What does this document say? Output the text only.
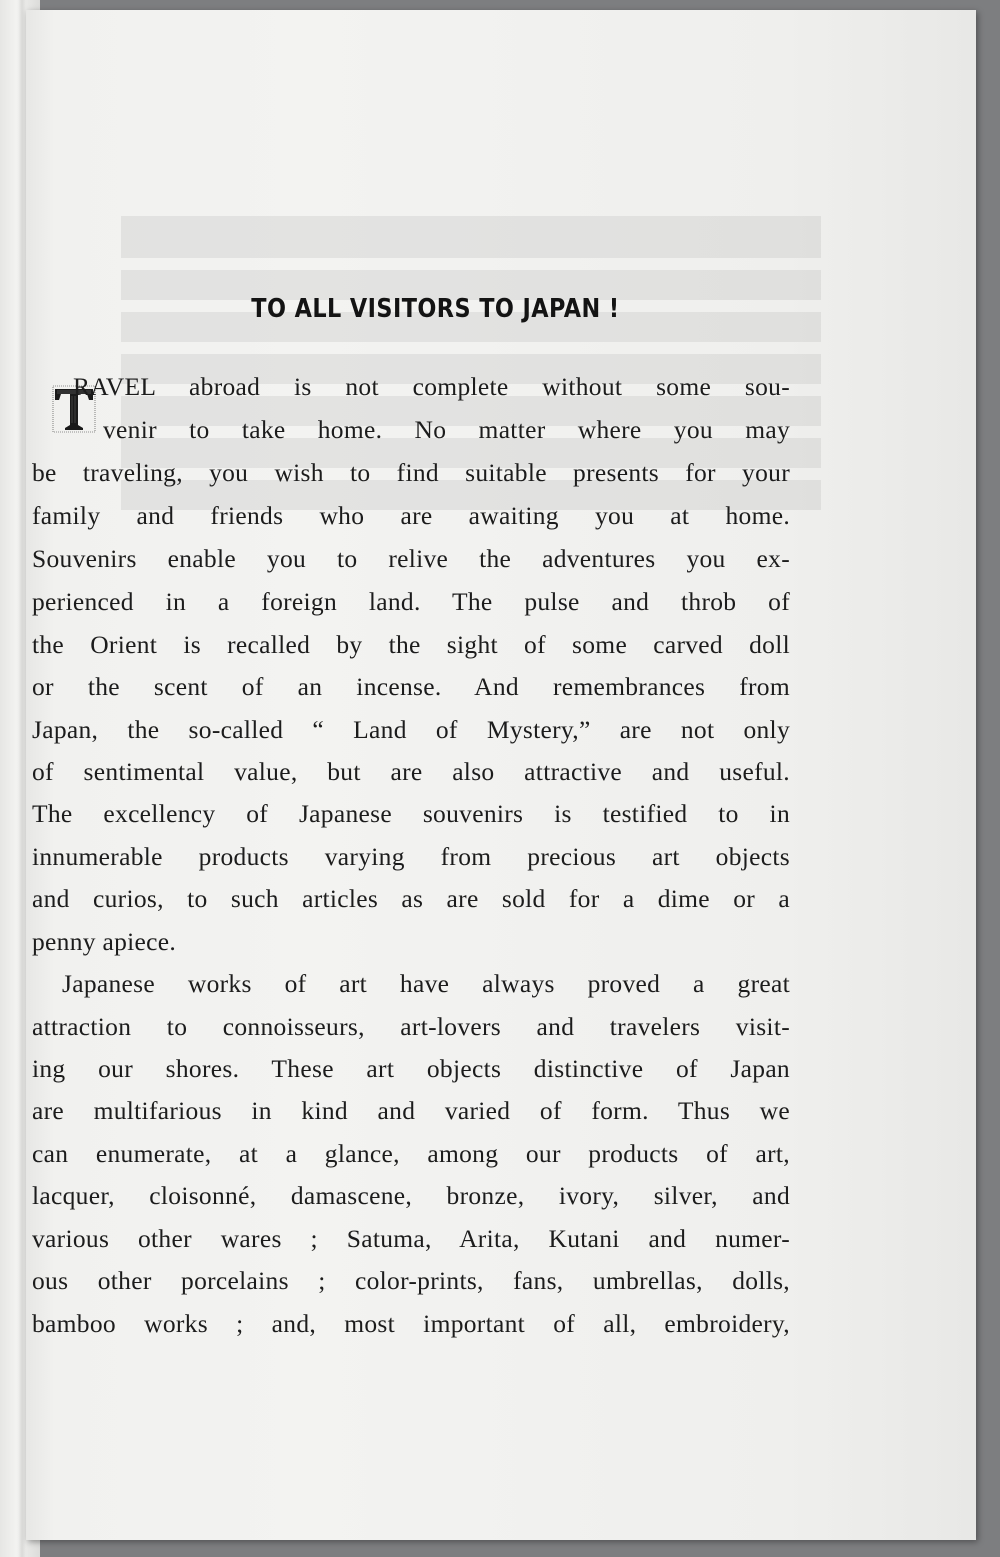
TO ALL VISITORS TO JAPAN !
RAVEL abroad is not complete without some sou-
venir to take home. No matter where you may
be traveling, you wish to find suitable presents for your
family and friends who are awaiting you at home.
Souvenirs enable you to relive the adventures you ex-
perienced in a foreign land. The pulse and throb of
the Orient is recalled by the sight of some carved doll
or the scent of an incense. And remembrances from
Japan, the so-called “ Land of Mystery,” are not only
of sentimental value, but are also attractive and useful.
The excellency of Japanese souvenirs is testified to in
innumerable products varying from precious art objects
and curios, to such articles as are sold for a dime or a
penny apiece.
Japanese works of art have always proved a great
attraction to connoisseurs, art-lovers and travelers visit-
ing our shores. These art objects distinctive of Japan
are multifarious in kind and varied of form. Thus we
can enumerate, at a glance, among our products of art,
lacquer, cloisonné, damascene, bronze, ivory, silver, and
various other wares ; Satuma, Arita, Kutani and numer-
ous other porcelains ; color-prints, fans, umbrellas, dolls,
bamboo works ; and, most important of all, embroidery,
